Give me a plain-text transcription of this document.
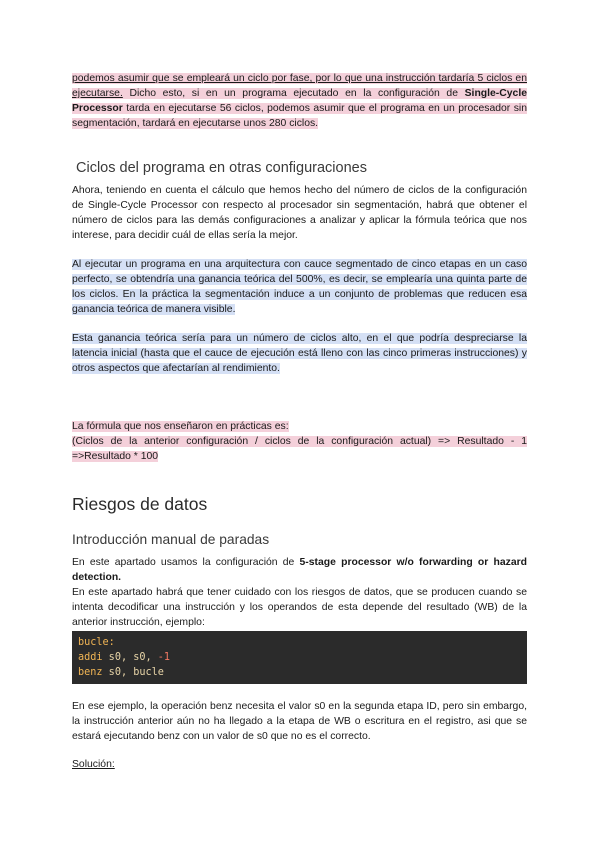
podemos asumir que se empleará un ciclo por fase, por lo que una instrucción tardaría 5 ciclos en ejecutarse. Dicho esto, si en un programa ejecutado en la configuración de Single-Cycle Processor tarda en ejecutarse 56 ciclos, podemos asumir que el programa en un procesador sin segmentación, tardará en ejecutarse unos 280 ciclos.

Ciclos del programa en otras configuraciones

Ahora, teniendo en cuenta el cálculo que hemos hecho del número de ciclos de la configuración de Single-Cycle Processor con respecto al procesador sin segmentación, habrá que obtener el número de ciclos para las demás configuraciones a analizar y aplicar la fórmula teórica que nos interese, para decidir cuál de ellas sería la mejor.

Al ejecutar un programa en una arquitectura con cauce segmentado de cinco etapas en un caso perfecto, se obtendría una ganancia teórica del 500%, es decir, se emplearía una quinta parte de los ciclos. En la práctica la segmentación induce a un conjunto de problemas que reducen esa ganancia teórica de manera visible.

Esta ganancia teórica sería para un número de ciclos alto, en el que podría despreciarse la latencia inicial (hasta que el cauce de ejecución está lleno con las cinco primeras instrucciones) y otros aspectos que afectarían al rendimiento.

La fórmula que nos enseñaron en prácticas es:
(Ciclos de la anterior configuración / ciclos de la configuración actual) => Resultado - 1 =>Resultado * 100

Riesgos de datos
Introducción manual de paradas

En este apartado usamos la configuración de 5-stage processor w/o forwarding or hazard detection.

En este apartado habrá que tener cuidado con los riesgos de datos, que se producen cuando se intenta decodificar una instrucción y los operandos de esta depende del resultado (WB) de la anterior instrucción, ejemplo:

bucle:
addi s0, s0, -1
benz s0, bucle

En ese ejemplo, la operación benz necesita el valor s0 en la segunda etapa ID, pero sin embargo, la instrucción anterior aún no ha llegado a la etapa de WB o escritura en el registro, asi que se estará ejecutando benz con un valor de s0 que no es el correcto.

Solución:
